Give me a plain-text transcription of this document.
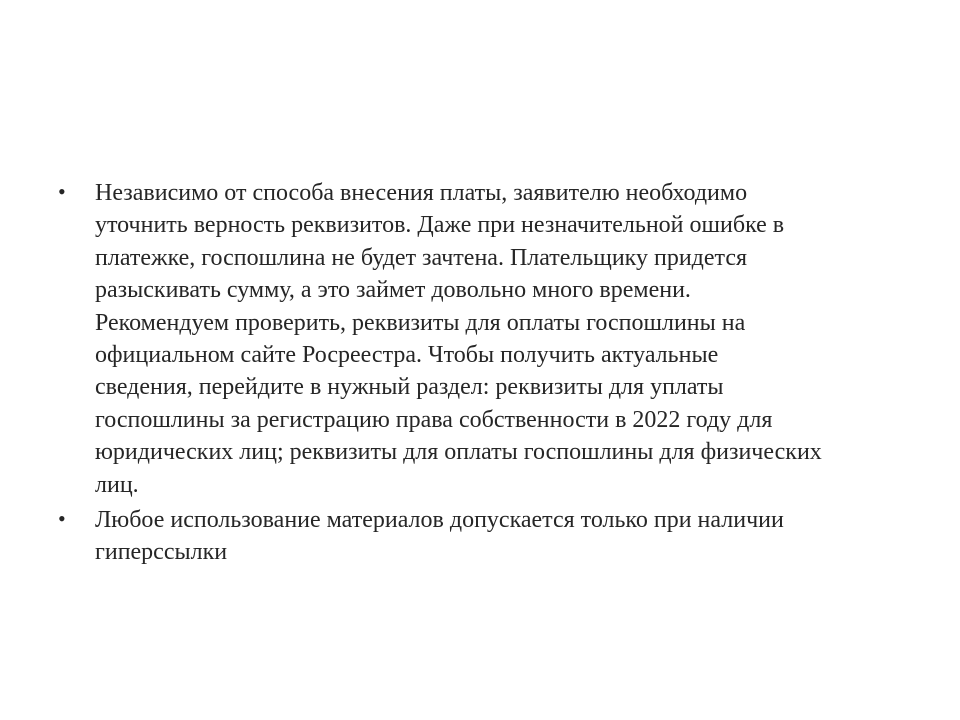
• Независимо от способа внесения платы, заявителю необходимо
уточнить верность реквизитов. Даже при незначительной ошибке в
платежке, госпошлина не будет зачтена. Плательщику придется
разыскивать сумму, а это займет довольно много времени.
Рекомендуем проверить, реквизиты для оплаты госпошлины на
официальном сайте Росреестра. Чтобы получить актуальные
сведения, перейдите в нужный раздел: реквизиты для уплаты
госпошлины за регистрацию права собственности в 2022 году для
юридических лиц; реквизиты для оплаты госпошлины для физических
лиц.
• Любое использование материалов допускается только при наличии
гиперссылки
